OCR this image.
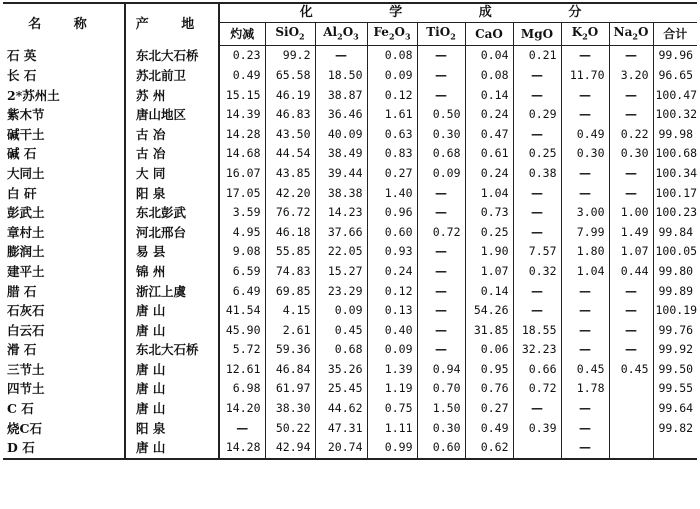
名 称	产 地	化 学 成 分									
		灼减	SiO$_2$	$Al_2O_3$	$Fe_2O_3$	TiO$_2$	CaO	MgO	$K_2O$	$Na_2O$	合计
石 英	东北大石桥	0.23	99.2	—	0.08	—	0.04	0.21	—	—	99.96
长 石	苏北前卫	0.49	65.58	18.50	0.09	—	0.08	—	11.70	3.20	96.65
2*苏州土	苏 州	15.15	46.19	38.87	0.12	—	0.14	—	—	—	100.47
紫木节	唐山地区	14.39	46.83	36.46	1.61	0.50	0.24	0.29	—	—	100.32
碱干土	古 冶	14.28	43.50	40.09	0.63	0.30	0.47	—	0.49	0.22	99.98
碱 石	古 冶	14.68	44.54	38.49	0.83	0.68	0.61	0.25	0.30	0.30	100.68
大同土	大 同	16.07	43.85	39.44	0.27	0.09	0.24	0.38	—	—	100.34
白 矸	阳 泉	17.05	42.20	38.38	1.40	—	1.04	—	—	—	100.17
彭武土	东北彭武	3.59	76.72	14.23	0.96	—	0.73	—	3.00	1.00	100.23
章村土	河北邢台	4.95	46.18	37.66	0.60	0.72	0.25	—	7.99	1.49	99.84
膨润土	易 县	9.08	55.85	22.05	0.93	—	1.90	7.57	1.80	1.07	100.05
建平土	锦 州	6.59	74.83	15.27	0.24	—	1.07	0.32	1.04	0.44	99.80
腊 石	浙江上虞	6.49	69.85	23.29	0.12	—	0.14	—	—	—	99.89
石灰石	唐 山	41.54	4.15	0.09	0.13	—	54.26	—	—	—	100.19
白云石	唐 山	45.90	2.61	0.45	0.40	—	31.85	18.55	—	—	99.76
滑 石	东北大石桥	5.72	59.36	0.68	0.09	—	0.06	32.23	—	—	99.92
三节土	唐 山	12.61	46.84	35.26	1.39	0.94	0.95	0.66	0.45	0.45	99.50
四节土	唐 山	6.98	61.97	25.45	1.19	0.70	0.76	0.72	1.78		99.55
C 石	唐 山	14.20	38.30	44.62	0.75	1.50	0.27	—	—		99.64
烧C石	阳 泉	—	50.22	47.31	1.11	0.30	0.49	0.39	—		99.82
D 石	唐 山	14.28	42.94	20.74	0.99	0.60	0.62		—		
